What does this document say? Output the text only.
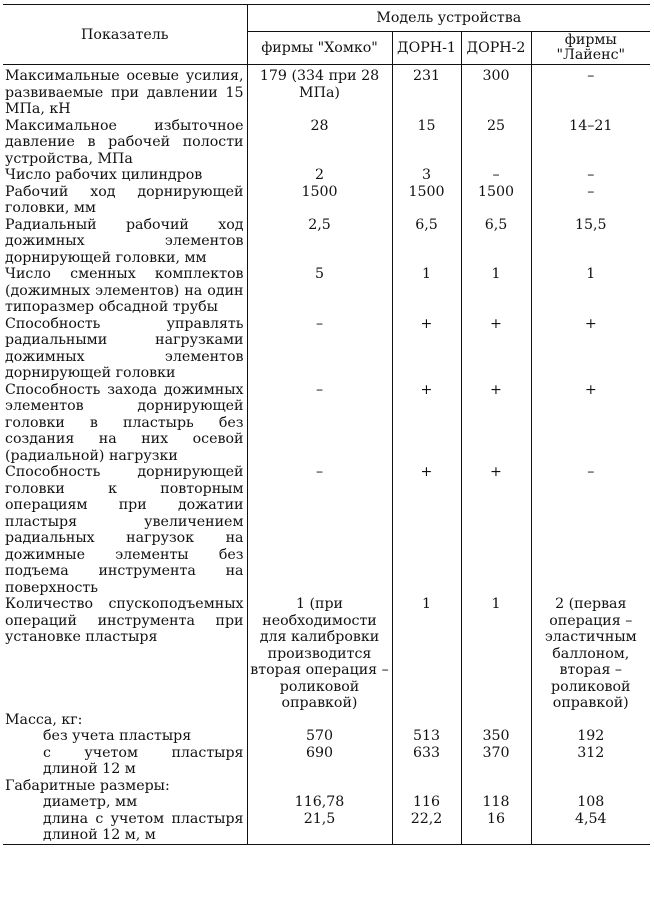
Показатель	Модель устройства			
	фирмы "Хомко"	ДОРН-1	ДОРН-2	фирмы "Лайенс"
Максимальные осевые усилия, развиваемые при давлении 15 МПа, кН	179 (334 при 28 МПа)	231	300	–
Максимальное избыточное давление в рабочей полости устройства, МПа	28	15	25	14–21
Число рабочих цилиндров	2	3	–	–
Рабочий ход дорнирующей головки, мм	1500	1500	1500	–
Радиальный рабочий ход дожимных элементов дорнирующей головки, мм	2,5	6,5	6,5	15,5
Число сменных комплектов (дожимных элементов) на один типоразмер обсадной трубы	5	1	1	1
Способность управлять радиальными нагрузками дожимных элементов дорнирующей головки	–	+	+	+
Способность захода дожимных элементов дорнирующей головки в пластырь без создания на них осевой (радиальной) нагрузки	–	+	+	+
Способность дорнирующей головки к повторным операциям при дожатии пластыря увеличением радиальных нагрузок на дожимные элементы без подъема инструмента на поверхность	–	+	+	–
Количество спускоподъемных операций инструмента при установке пластыря	1 (при необходимости для калибровки производится вторая операция – роликовой оправкой)	1	1	2 (первая операция – эластичным баллоном, вторая – роликовой оправкой)
Масса, кг:				
без учета пластыря	570	513	350	192
с учетом пластыря длиной 12 м	690	633	370	312
Габаритные размеры:				
диаметр, мм	116,78	116	118	108
длина с учетом пластыря длиной 12 м, м	21,5	22,2	16	4,54
